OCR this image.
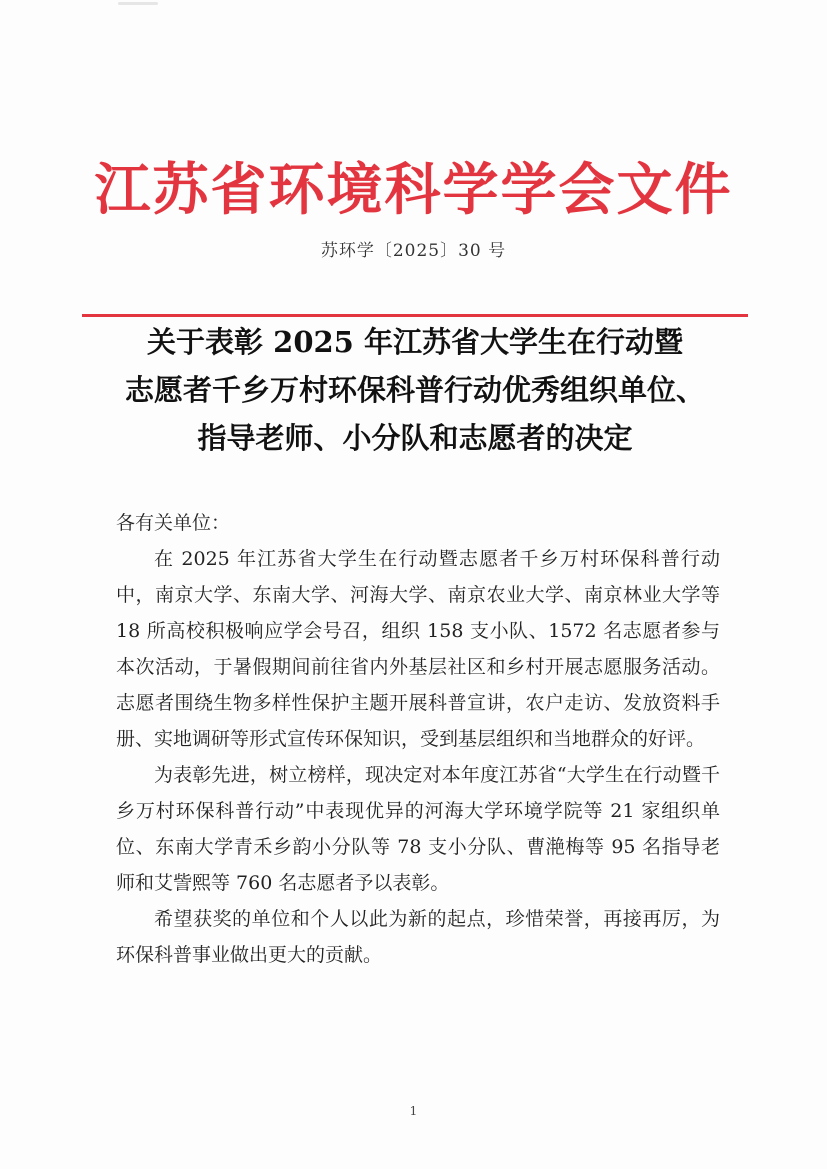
江苏省环境科学学会文件
苏环学〔2025〕30 号
关于表彰 2025 年江苏省大学生在行动暨
志愿者千乡万村环保科普行动优秀组织单位、
指导老师、小分队和志愿者的决定

各有关单位：

在 2025 年江苏省大学生在行动暨志愿者千乡万村环保科普行动中，南京大学、东南大学、河海大学、南京农业大学、南京林业大学等 18 所高校积极响应学会号召，组织 158 支小队、1572 名志愿者参与本次活动，于暑假期间前往省内外基层社区和乡村开展志愿服务活动。志愿者围绕生物多样性保护主题开展科普宣讲，农户走访、发放资料手册、实地调研等形式宣传环保知识，受到基层组织和当地群众的好评。

为表彰先进，树立榜样，现决定对本年度江苏省“大学生在行动暨千乡万村环保科普行动”中表现优异的河海大学环境学院等 21 家组织单位、东南大学青禾乡韵小分队等 78 支小分队、曹滟梅等 95 名指导老师和艾訾熙等 760 名志愿者予以表彰。

希望获奖的单位和个人以此为新的起点，珍惜荣誉，再接再厉，为环保科普事业做出更大的贡献。

1
